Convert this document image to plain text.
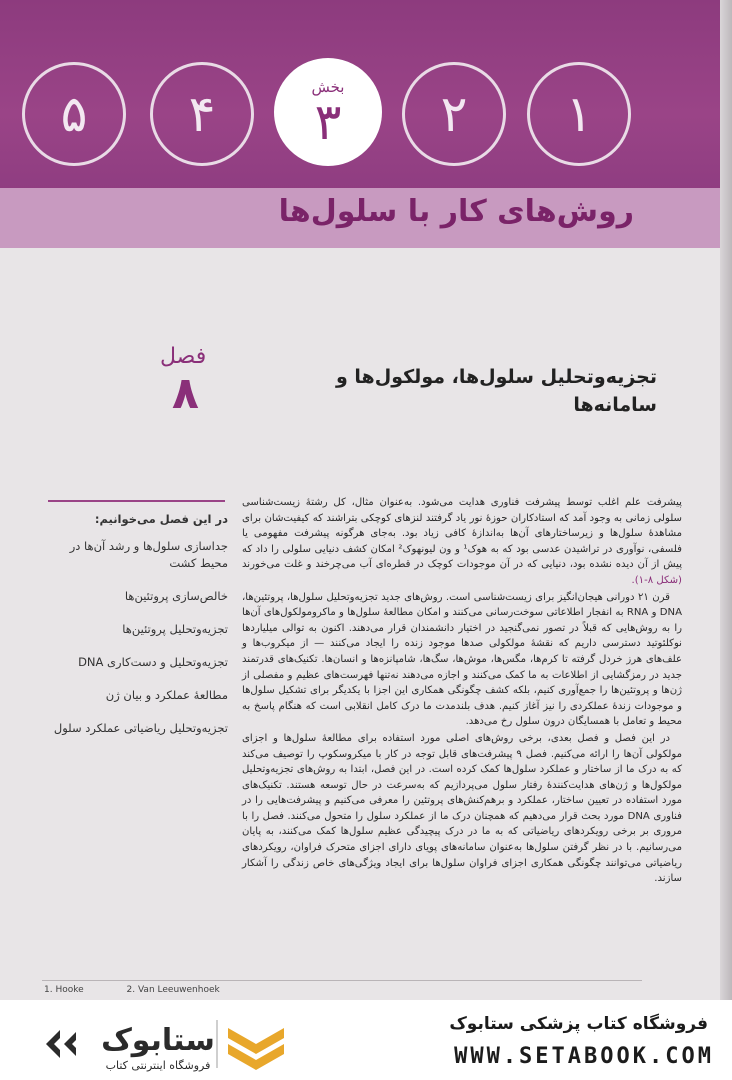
۵	۴	بخش
۳	۲	۱
روش‌های کار با سلول‌ها
فصل
۸	تجزیه‌وتحلیل سلول‌ها، مولکول‌ها و سامانه‌ها
در این فصل می‌خوانیم:
جداسازی سلول‌ها و رشد آن‌ها در محیط کشت
خالص‌سازی پروتئین‌ها
تجزیه‌وتحلیل پروتئین‌ها
تجزیه‌وتحلیل و دست‌کاری DNA
مطالعهٔ عملکرد و بیان ژن
تجزیه‌وتحلیل ریاضیاتی عملکرد سلول

پیشرفت علم اغلب توسط پیشرفت فناوری هدایت می‌شود. به‌عنوان مثال، کل رشتهٔ زیست‌شناسی سلولی زمانی به وجود آمد که استادکاران حوزهٔ نور یاد گرفتند لنزهای کوچکی بتراشند که کیفیت‌شان برای مشاهدهٔ سلول‌ها و زیرساختارهای آن‌ها به‌اندازهٔ کافی زیاد بود. به‌جای هرگونه پیشرفت مفهومی یا فلسفی، نوآوری در تراشیدن عدسی بود که به هوک¹ و ون لیونهوک² امکان کشف دنیایی سلولی را داد که پیش از آن دیده نشده بود، دنیایی که در آن موجودات کوچک در قطره‌ای آب می‌چرخند و غلت می‌خورند (شکل ۸-۱).

قرن ۲۱ دورانی هیجان‌انگیز برای زیست‌شناسی است. روش‌های جدید تجزیه‌وتحلیل سلول‌ها، پروتئین‌ها، DNA و RNA به انفجار اطلاعاتی سوخت‌رسانی می‌کنند و امکان مطالعهٔ سلول‌ها و ماکرومولکول‌های آن‌ها را به روش‌هایی که قبلاً در تصور نمی‌گنجید در اختیار دانشمندان قرار می‌دهند. اکنون به توالی میلیاردها نوکلئوتید دسترسی داریم که نقشهٔ مولکولی صدها موجود زنده را ایجاد می‌کنند — از میکروب‌ها و علف‌های هرز خردل گرفته تا کرم‌ها، مگس‌ها، موش‌ها، سگ‌ها، شامپانزه‌ها و انسان‌ها. تکنیک‌های قدرتمند جدید در رمزگشایی از اطلاعات به ما کمک می‌کنند و اجازه می‌دهند نه‌تنها فهرست‌های عظیم و مفصلی از ژن‌ها و پروتئین‌ها را جمع‌آوری کنیم، بلکه کشف چگونگی همکاری این اجزا با یکدیگر برای تشکیل سلول‌ها و موجودات زندهٔ عملکردی را نیز آغاز کنیم. هدف بلندمدت ما درک کامل انقلابی است که هنگام پاسخ به محیط و تعامل با همسایگان درون سلول رخ می‌دهد.

در این فصل و فصل بعدی، برخی روش‌های اصلی مورد استفاده برای مطالعهٔ سلول‌ها و اجزای مولکولی آن‌ها را ارائه می‌کنیم. فصل ۹ پیشرفت‌های قابل توجه در کار با میکروسکوپ را توصیف می‌کند که به درک ما از ساختار و عملکرد سلول‌ها کمک کرده است. در این فصل، ابتدا به روش‌های تجزیه‌وتحلیل مولکول‌ها و ژن‌های هدایت‌کنندهٔ رفتار سلول می‌پردازیم که به‌سرعت در حال توسعه هستند. تکنیک‌های مورد استفاده در تعیین ساختار، عملکرد و برهم‌کنش‌های پروتئین را معرفی می‌کنیم و پیشرفت‌هایی را در فناوری DNA مورد بحث قرار می‌دهیم که همچنان درک ما از عملکرد سلول را متحول می‌کنند. فصل را با مروری بر برخی رویکردهای ریاضیاتی که به ما در درک پیچیدگی عظیم سلول‌ها کمک می‌کنند، به پایان می‌رسانیم. با در نظر گرفتن سلول‌ها به‌عنوان سامانه‌های پویای دارای اجزای متحرک فراوان، رویکردهای ریاضیاتی می‌توانند چگونگی همکاری اجزای فراوان سلول‌ها برای ایجاد ویژگی‌های خاص زندگی را آشکار سازند.

1. Hooke	2. Van Leeuwenhoek
ستابوک
فروشگاه اینترنتی کتاب
فروشگاه کتاب پزشکی ستابوک
WWW.SETABOOK.COM
